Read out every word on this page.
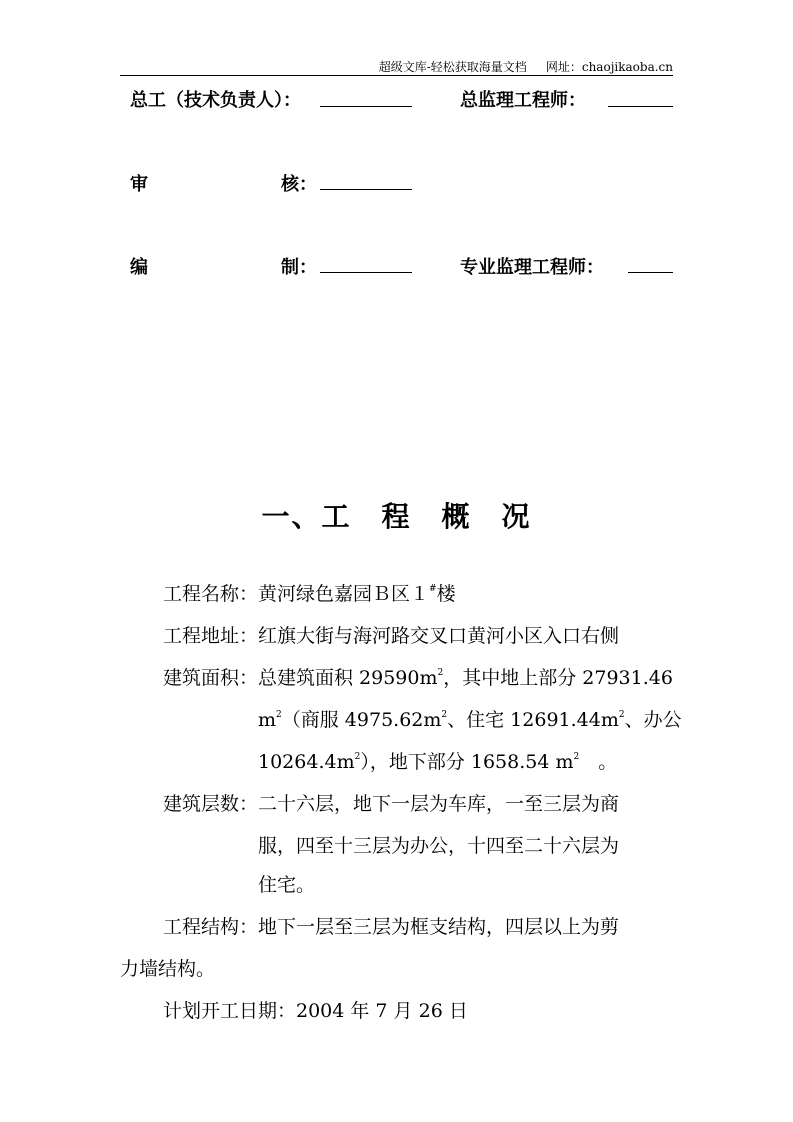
超级文库-轻松获取海量文档 网址：chaojikaoba.cn
总工（技术负责人）：	总监理工程师：
审	核：
编	制：	专业监理工程师：
一、工　程　概　况
工程名称：黄河绿色嘉园Ｂ区１#楼
工程地址：红旗大街与海河路交叉口黄河小区入口右侧
建筑面积：总建筑面积 $29590m^2$，其中地上部分 27931.46
$m^2$（商服 $4975.62m^2$、住宅 $12691.44m^2$、办公
$10264.4m^2$），地下部分 1658.54 $m^2$　。
建筑层数：二十六层，地下一层为车库，一至三层为商
服，四至十三层为办公，十四至二十六层为
住宅。
工程结构：地下一层至三层为框支结构，四层以上为剪
力墙结构。
计划开工日期：2004 年 7 月 26 日
